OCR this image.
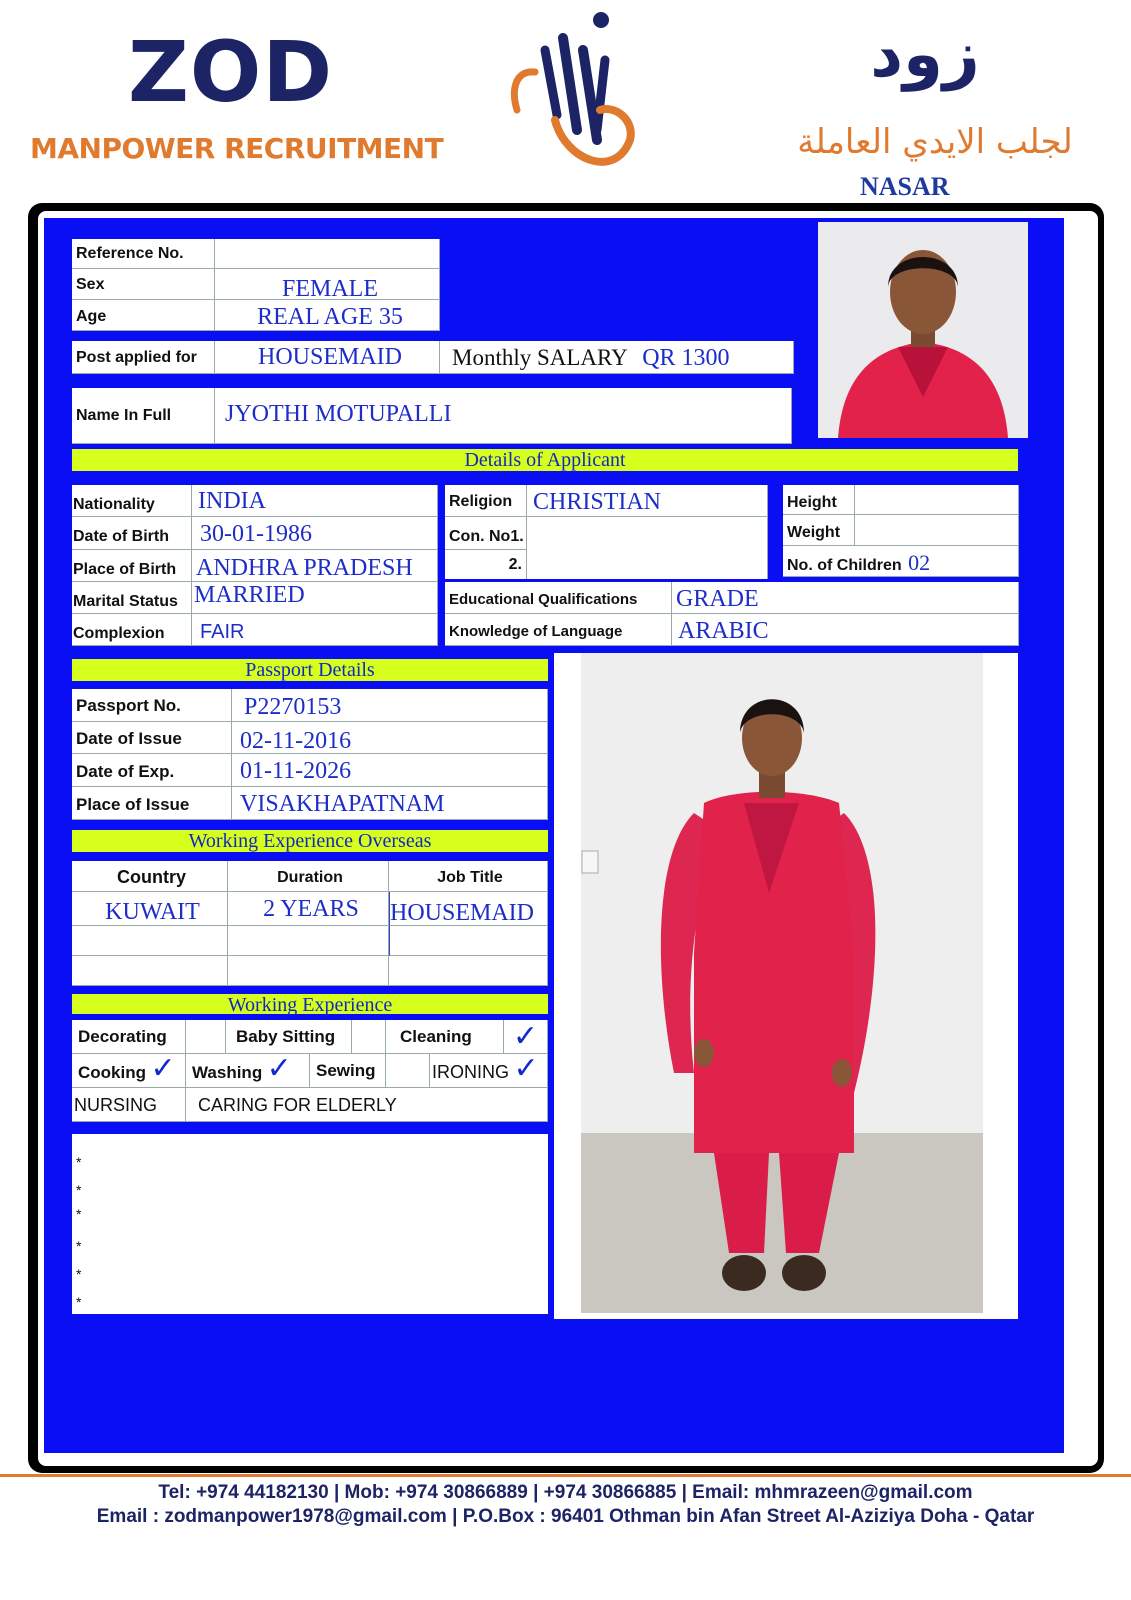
ZOD
MANPOWER RECRUITMENT
زود
لجلب الايدي العاملة
NASAR
Reference No.
Sex	FEMALE
Age	REAL AGE 35
Post applied for	HOUSEMAID	Monthly SALARY QR 1300
Name In Full	JYOTHI MOTUPALLI
Details of Applicant
Nationality	INDIA
Date of Birth	30-01-1986
Place of Birth ANDHRA PRADESH
Marital Status MARRIED
Complexion	FAIR
Religion CHRISTIAN
Con. No1.
2.
Height
Weight
No. of Children 02
Educational Qualifications	GRADE
Knowledge of Language	ARABIC
Passport Details
Passport No.	P2270153
Date of Issue	02-11-2016
Date of Exp.	01-11-2026
Place of Issue	VISAKHAPATNAM
Working Experience Overseas
Country	Duration	Job Title
KUWAIT	2 YEARS	HOUSEMAID
Working Experience
Decorating	Baby Sitting	Cleaning	✓
Cooking ✓ Washing ✓	Sewing	IRONING ✓
NURSING	CARING FOR ELDERLY
*
*
*
*
*
*
Tel: +974 44182130 | Mob: +974 30866889 | +974 30866885 | Email: mhmrazeen@gmail.com
Email : zodmanpower1978@gmail.com | P.O.Box : 96401 Othman bin Afan Street Al-Aziziya Doha - Qatar
